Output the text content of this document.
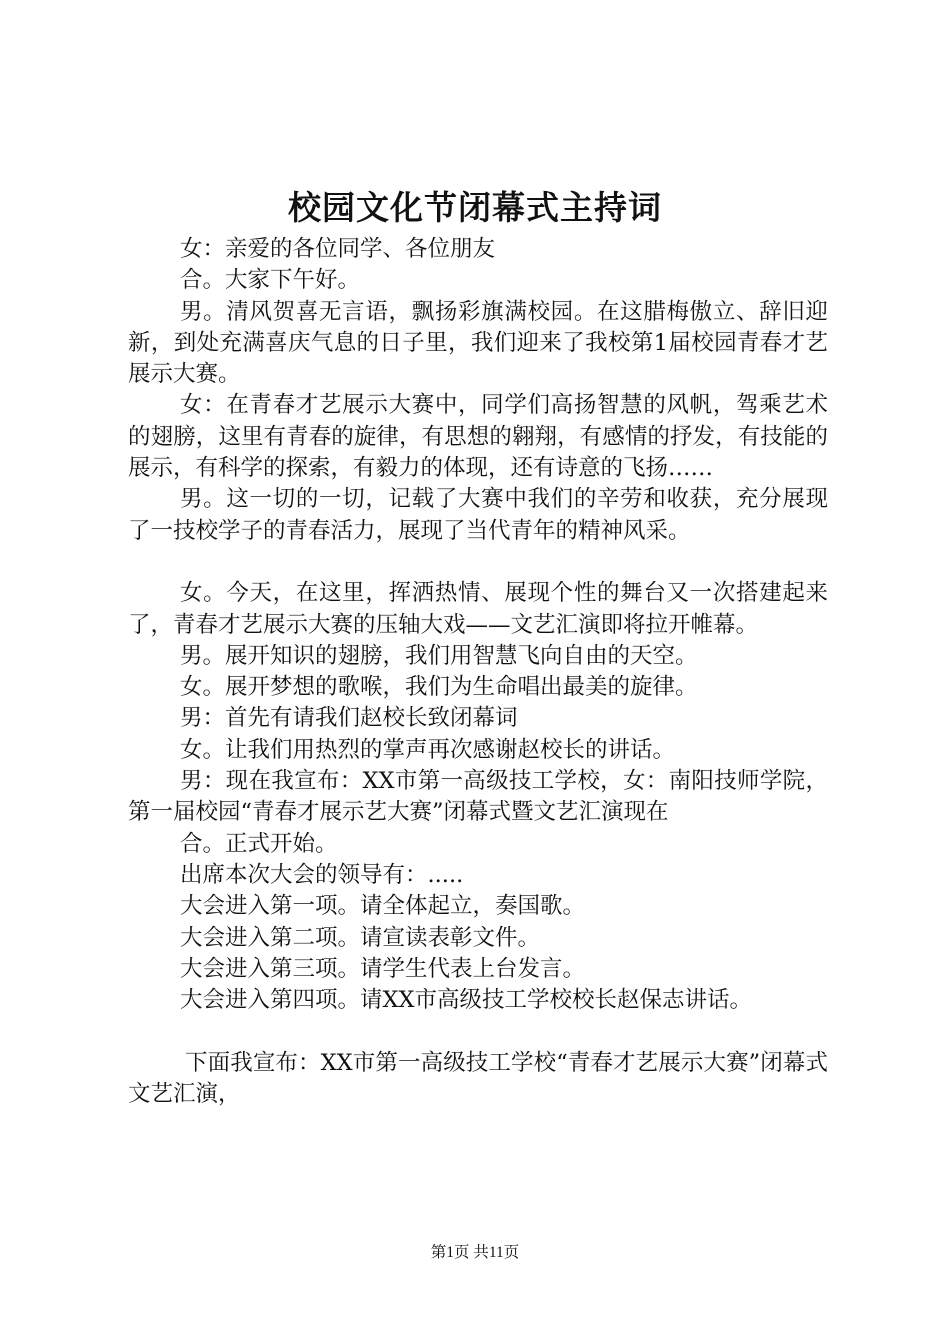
校园文化节闭幕式主持词

女：亲爱的各位同学、各位朋友

合。大家下午好。

男。清风贺喜无言语，飘扬彩旗满校园。在这腊梅傲立、辞旧迎新，到处充满喜庆气息的日子里，我们迎来了我校第1届校园青春才艺展示大赛。

女：在青春才艺展示大赛中，同学们高扬智慧的风帆，驾乘艺术的翅膀，这里有青春的旋律，有思想的翱翔，有感情的抒发，有技能的展示，有科学的探索，有毅力的体现，还有诗意的飞扬……

男。这一切的一切，记载了大赛中我们的辛劳和收获，充分展现了一技校学子的青春活力，展现了当代青年的精神风采。

女。今天，在这里，挥洒热情、展现个性的舞台又一次搭建起来了，青春才艺展示大赛的压轴大戏——文艺汇演即将拉开帷幕。

男。展开知识的翅膀，我们用智慧飞向自由的天空。

女。展开梦想的歌喉，我们为生命唱出最美的旋律。

男：首先有请我们赵校长致闭幕词

女。让我们用热烈的掌声再次感谢赵校长的讲话。

男：现在我宣布：XX市第一高级技工学校，女：南阳技师学院，第一届校园“青春才展示艺大赛”闭幕式暨文艺汇演现在

合。正式开始。

出席本次大会的领导有：.....

大会进入第一项。请全体起立，奏国歌。

大会进入第二项。请宣读表彰文件。

大会进入第三项。请学生代表上台发言。

大会进入第四项。请XX市高级技工学校校长赵保志讲话。

下面我宣布：XX市第一高级技工学校“青春才艺展示大赛”闭幕式文艺汇演，

第1页 共11页
